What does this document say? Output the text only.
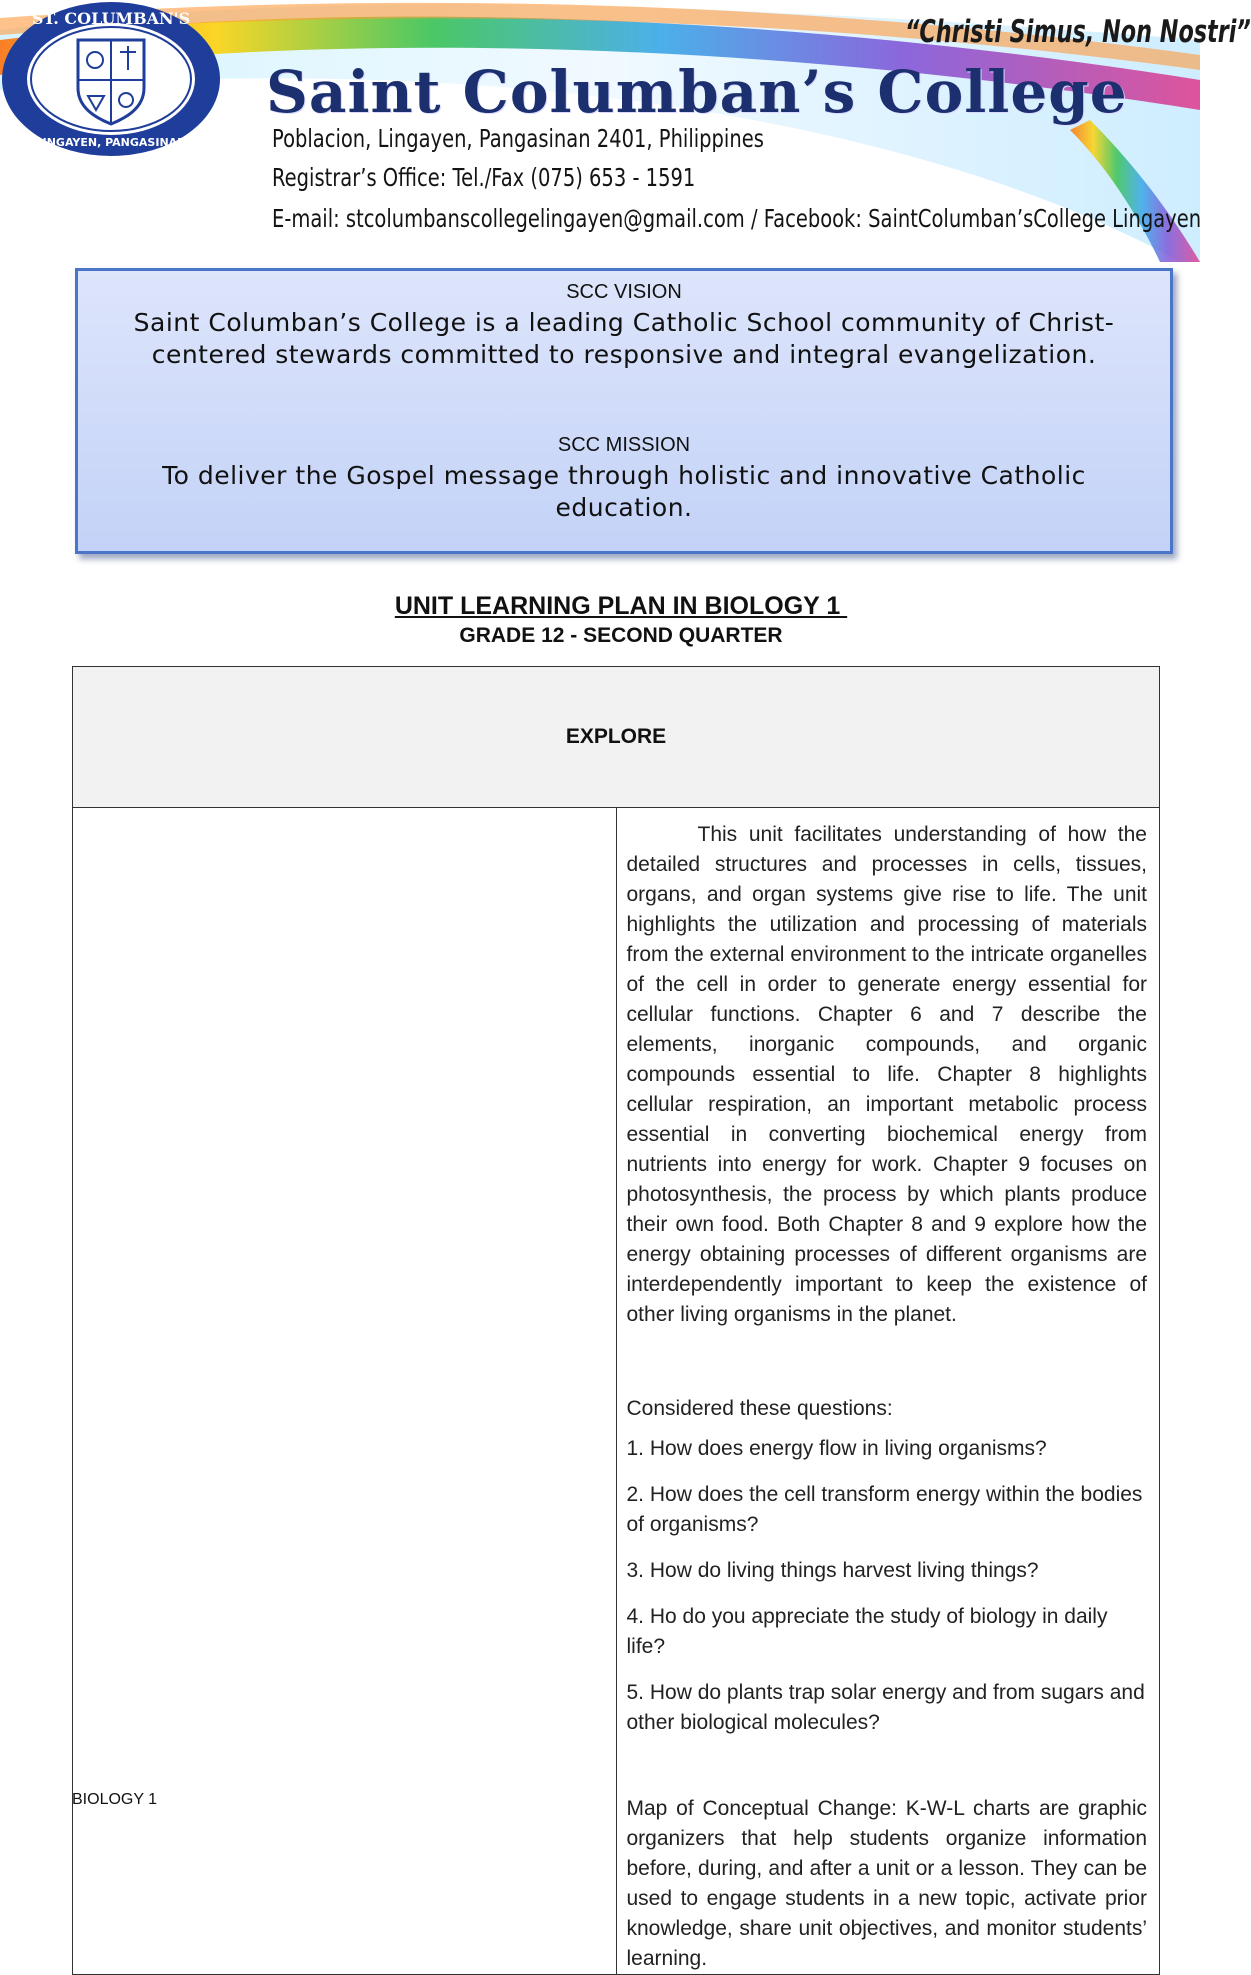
ST. COLUMBAN'S
LINGAYEN, PANGASINAN
“Christi Simus, Non Nostri”
Saint Columban’s College
Poblacion, Lingayen, Pangasinan 2401, Philippines
Registrar’s Office: Tel./Fax (075) 653 - 1591
E-mail: stcolumbanscollegelingayen@gmail.com / Facebook: SaintColumban’sCollege Lingayen
SCC VISION
Saint Columban’s College is a leading Catholic School community of Christ-centered stewards committed to responsive and integral evangelization.
SCC MISSION
To deliver the Gospel message through holistic and innovative Catholic education.
UNIT LEARNING PLAN IN BIOLOGY 1
GRADE 12 - SECOND QUARTER
EXPLORE

This unit facilitates understanding of how the detailed structures and processes in cells, tissues, organs, and organ systems give rise to life. The unit highlights the utilization and processing of materials from the external environment to the intricate organelles of the cell in order to generate energy essential for cellular functions. Chapter 6 and 7 describe the elements, inorganic compounds, and organic compounds essential to life. Chapter 8 highlights cellular respiration, an important metabolic process essential in converting biochemical energy from nutrients into energy for work. Chapter 9 focuses on photosynthesis, the process by which plants produce their own food. Both Chapter 8 and 9 explore how the energy obtaining processes of different organisms are interdependently important to keep the existence of other living organisms in the planet.

Considered these questions:

1. How does energy flow in living organisms?

2. How does the cell transform energy within the bodies of organisms?

3. How do living things harvest living things?

4. Ho do you appreciate the study of biology in daily life?

5. How do plants trap solar energy and from sugars and other biological molecules?

Map of Conceptual Change: K-W-L charts are graphic organizers that help students organize information before, during, and after a unit or a lesson. They can be used to engage students in a new topic, activate prior knowledge, share unit objectives, and monitor students’ learning.

BIOLOGY 1
